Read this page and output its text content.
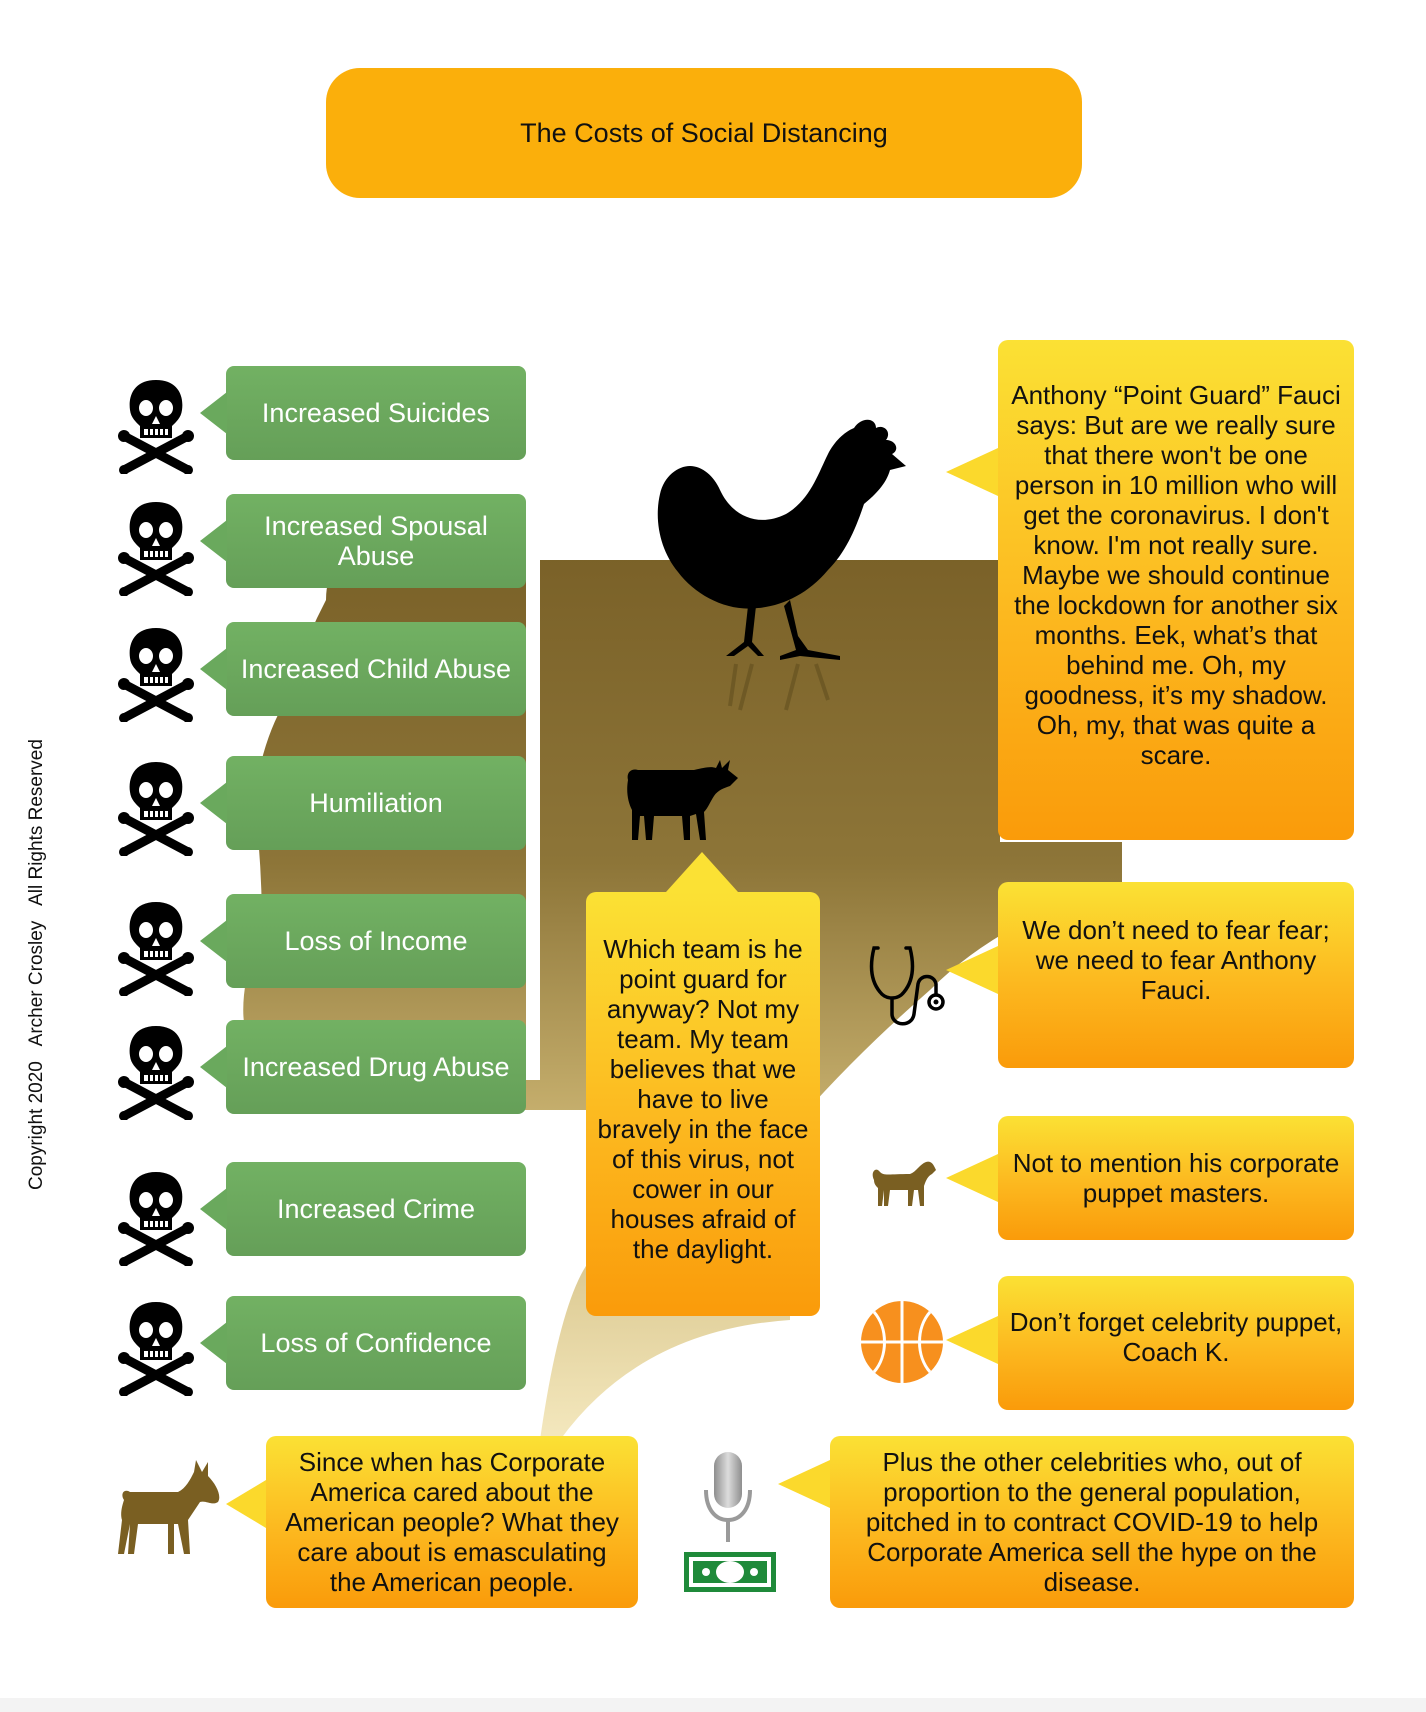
The Costs of Social Distancing
Copyright 2020   Archer Crosley   All Rights Reserved
Increased Suicides
Increased Spousal Abuse
Increased Child Abuse
Humiliation
Loss of Income
Increased Drug Abuse
Increased Crime
Loss of Confidence
Anthony “Point Guard” Fauci says: But are we really sure that there won't be one person in 10 million who will get the coronavirus. I don't know. I'm not really sure. Maybe we should continue the lockdown for another six months. Eek, what’s that behind me. Oh, my goodness, it’s my shadow. Oh, my, that was quite a scare.
Which team is he point guard for anyway? Not my team. My team believes that we have to live bravely in the face of this virus, not cower in our houses afraid of the daylight.
We don’t need to fear fear; we need to fear Anthony Fauci.
Not to mention his corporate puppet masters.
Don’t forget celebrity puppet, Coach K.
Since when has Corporate America cared about the American people? What they care about is emasculating the American people.
Plus the other celebrities who, out of proportion to the general population, pitched in to contract COVID-19 to help Corporate America sell the hype on the disease.
